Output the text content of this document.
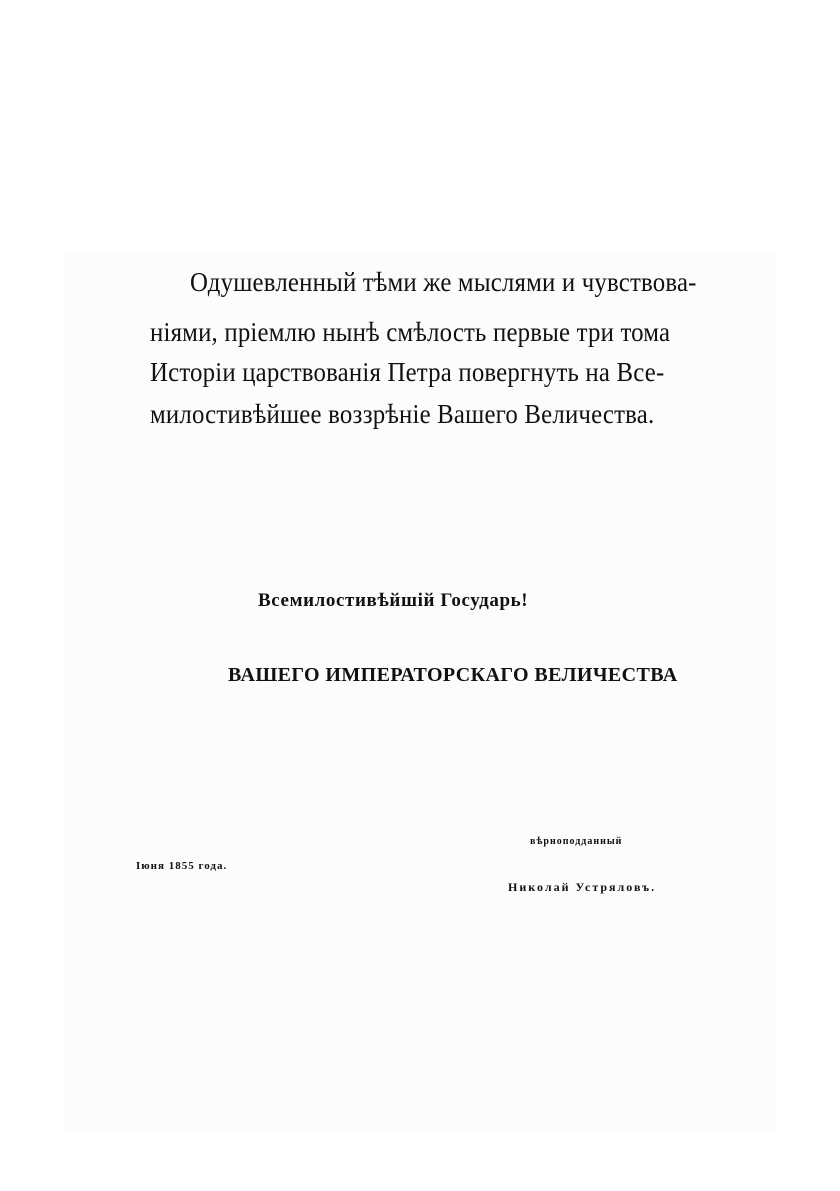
Одушевленный тѣми же мыслями и чувствова-
ніями, пріемлю нынѣ смѣлость первые три тома
Исторіи царствованія Петра повергнуть на Все-
милостивѣйшее воззрѣніе Вашего Величества.
Всемилостивѣйшій Государь!
ВАШЕГО ИМПЕРАТОРСКАГО ВЕЛИЧЕСТВА
вѣрноподданный
Іюня 1855 года.
Николай Устряловъ.
